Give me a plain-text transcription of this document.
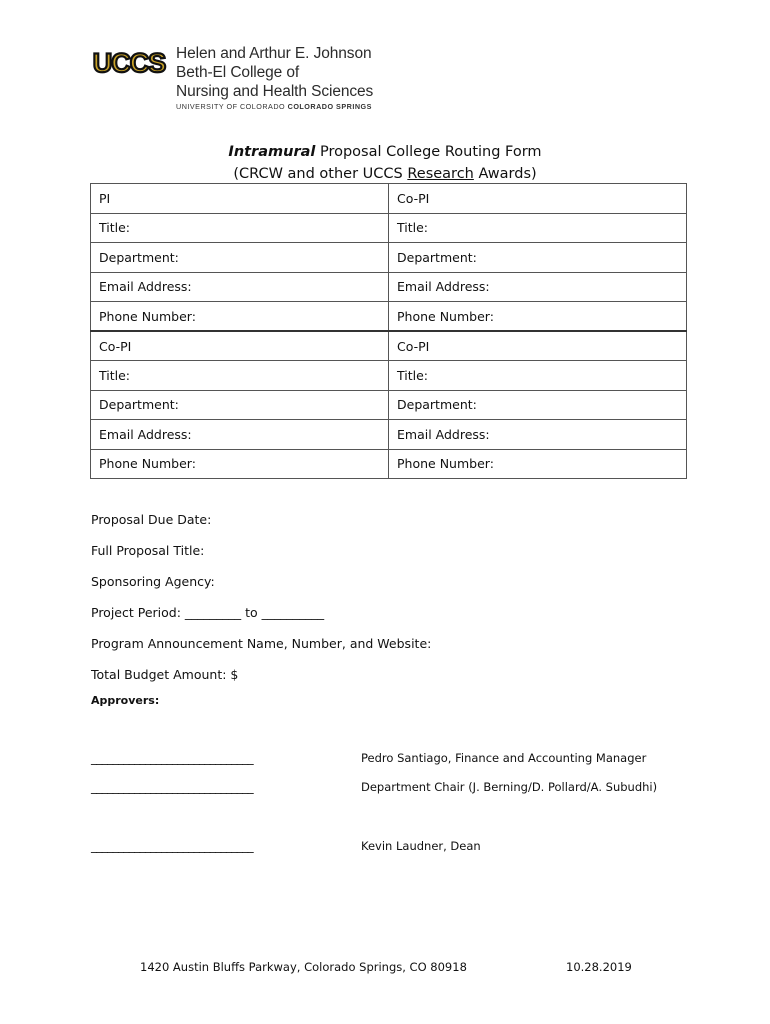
UCCS Helen and Arthur E. Johnson
Beth-El College of
Nursing and Health Sciences
UNIVERSITY OF COLORADO COLORADO SPRINGS
Intramural Proposal College Routing Form
(CRCW and other UCCS Research Awards)
PI	Co-PI
Title:	Title:
Department:	Department:
Email Address:	Email Address:
Phone Number:	Phone Number:
Co-PI	Co-PI
Title:	Title:
Department:	Department:
Email Address:	Email Address:
Phone Number:	Phone Number:
Proposal Due Date:
Full Proposal Title:
Sponsoring Agency:
Project Period: _________ to __________
Program Announcement Name, Number, and Website:
Total Budget Amount: $
Approvers:
______________________________	Pedro Santiago, Finance and Accounting Manager
______________________________	Department Chair (J. Berning/D. Pollard/A. Subudhi)
______________________________	Kevin Laudner, Dean
1420 Austin Bluffs Parkway, Colorado Springs, CO 80918	10.28.2019
